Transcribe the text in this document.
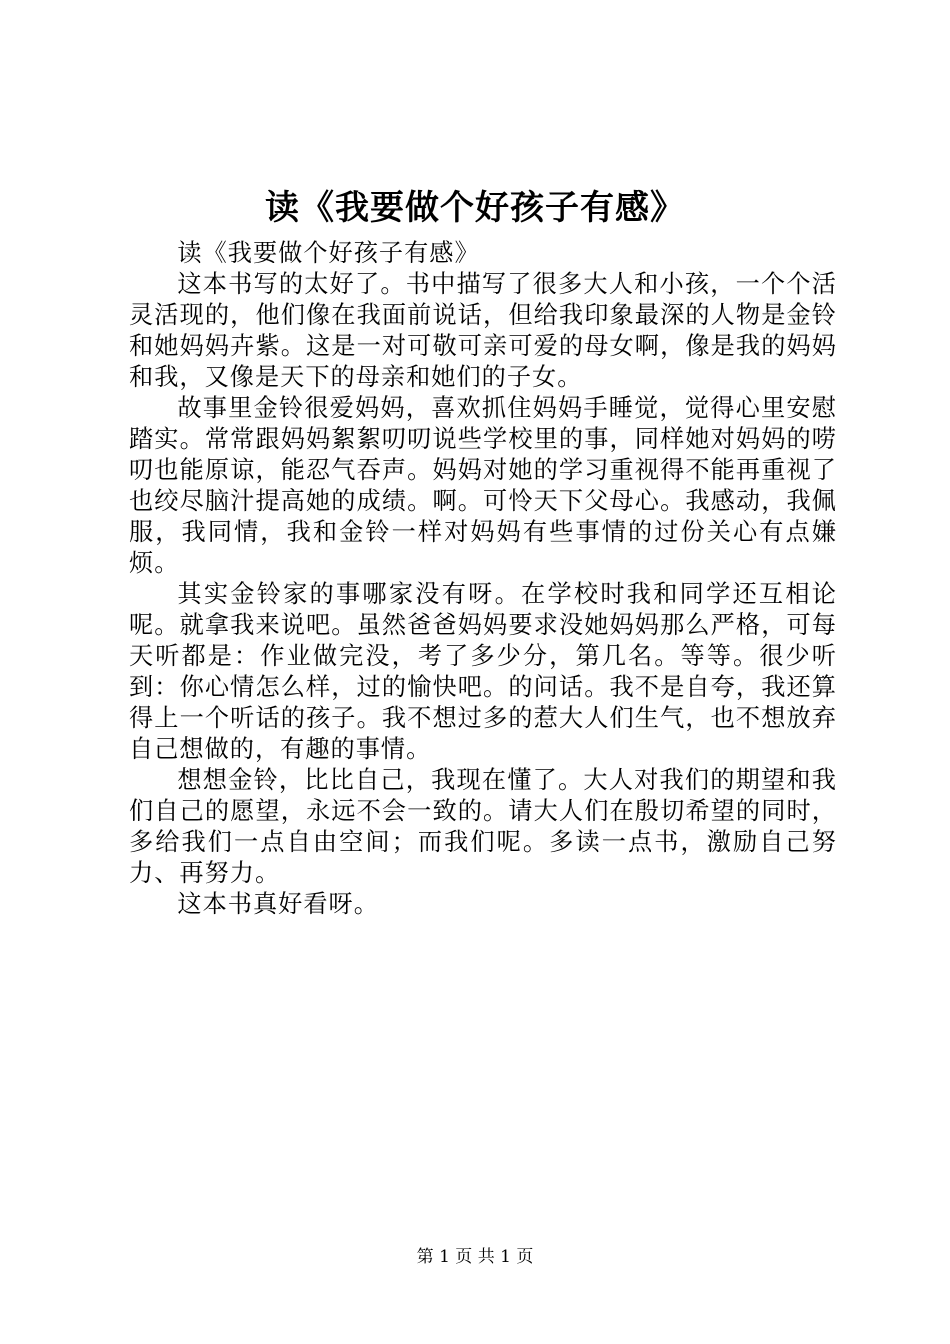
读《我要做个好孩子有感》

读《我要做个好孩子有感》

这本书写的太好了。书中描写了很多大人和小孩，一个个活灵活现的，他们像在我面前说话，但给我印象最深的人物是金铃和她妈妈卉紫。这是一对可敬可亲可爱的母女啊，像是我的妈妈和我，又像是天下的母亲和她们的子女。

故事里金铃很爱妈妈，喜欢抓住妈妈手睡觉，觉得心里安慰踏实。常常跟妈妈絮絮叨叨说些学校里的事，同样她对妈妈的唠叨也能原谅，能忍气吞声。妈妈对她的学习重视得不能再重视了也绞尽脑汁提高她的成绩。啊。可怜天下父母心。我感动，我佩服，我同情，我和金铃一样对妈妈有些事情的过份关心有点嫌烦。

其实金铃家的事哪家没有呀。在学校时我和同学还互相论呢。就拿我来说吧。虽然爸爸妈妈要求没她妈妈那么严格，可每天听都是：作业做完没，考了多少分，第几名。等等。很少听到：你心情怎么样，过的愉快吧。的问话。我不是自夸，我还算得上一个听话的孩子。我不想过多的惹大人们生气，也不想放弃自己想做的，有趣的事情。

想想金铃，比比自己，我现在懂了。大人对我们的期望和我们自己的愿望，永远不会一致的。请大人们在殷切希望的同时，多给我们一点自由空间；而我们呢。多读一点书，激励自己努力、再努力。

这本书真好看呀。

第 1 页 共 1 页
